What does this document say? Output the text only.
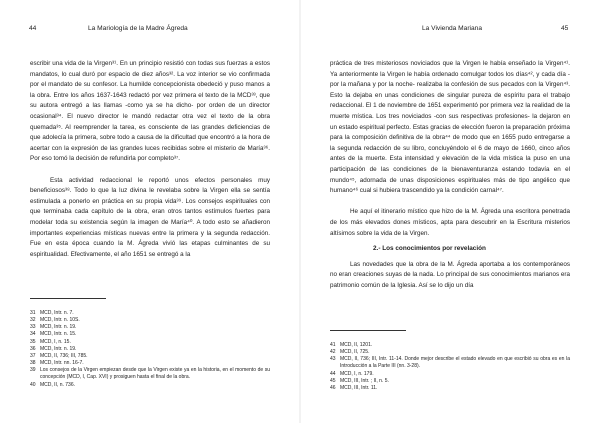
44	La Mariología de la Madre Ágreda

escribir una vida de la Virgen³¹. En un principio resistió con todas sus fuerzas a estos mandatos, lo cual duró por espacio de diez años³². La voz interior se vio confirmada por el mandato de su confesor. La humilde concepcionista obedeció y puso manos a la obra. Entre los años 1637-1643 redactó por vez primera el texto de la MCD³³, que su autora entregó a las llamas -como ya se ha dicho- por orden de un director ocasional³⁴. El nuevo director le mandó redactar otra vez el texto de la obra quemada³⁵. Al reemprender la tarea, es consciente de las grandes deficiencias de que adolecía la primera, sobre todo a causa de la dificultad que encontró a la hora de acertar con la expresión de las grandes luces recibidas sobre el misterio de María³⁶. Por eso tomó la decisión de refundirla por completo³⁷.

Esta actividad redaccional le reportó unos efectos personales muy beneficiosos³⁸. Todo lo que la luz divina le revelaba sobre la Virgen ella se sentía estimulada a ponerlo en práctica en su propia vida³⁹. Los consejos espirituales con que terminaba cada capítulo de la obra, eran otros tantos estímulos fuertes para modelar toda su existencia según la imagen de María⁴⁰. A todo esto se añadieron importantes experiencias místicas nuevas entre la primera y la segunda redacción. Fue en esta época cuando la M. Ágreda vivió las etapas culminantes de su espiritualidad. Efectivamente, el año 1651 se entregó a la

31 MCD, Intr. n. 7.
32 MCD, Intr. n. 10S.
33 MCD, Intr. n. 19.
34 MCD, Intr. n. 15.
35 MCD, I, n. 15.
36 MCD, Intr. n. 19.
37 MCD, II, 736; III, 785.
38 MCD, Intr. nn. 16-7.
39 Los consejos de la Virgen empiezan desde que la Virgen existe ya en la historia, en el momento de su concepción (MCD, I, Cap. XVI) y prosiguen hasta el final de la obra.
40 MCD, II, n. 736.
La Vivienda Mariana	45

práctica de tres misteriosos noviciados que la Virgen le había enseñado la Virgen⁴¹. Ya anteriormente la Virgen le había ordenado comulgar todos los días⁴², y cada día -por la mañana y por la noche- realizaba la confesión de sus pecados con la Virgen⁴³. Esto la dejaba en unas condiciones de singular pureza de espíritu para el trabajo redaccional. El 1 de noviembre de 1651 experimentó por primera vez la realidad de la muerte mística. Los tres noviciados -con sus respectivas profesiones- la dejaron en un estado espiritual perfecto. Estas gracias de elección fueron la preparación próxima para la composición definitiva de la obra⁴⁴ de modo que en 1655 pudo entregarse a la segunda redacción de su libro, concluyéndolo el 6 de mayo de 1660, cinco años antes de la muerte. Esta intensidad y elevación de la vida mística la puso en una participación de las condiciones de la bienaventuranza estando todavía en el mundo⁴⁵, adornada de unas disposiciones espirituales más de tipo angélico que humano⁴⁶ cual si hubiera trascendido ya la condición carnal⁴⁷.

He aquí el itinerario místico que hizo de la M. Ágreda una escritora penetrada de los más elevados dones místicos, apta para descubrir en la Escritura misterios altísimos sobre la vida de la Virgen.

2.- Los conocimientos por revelación

Las novedades que la obra de la M. Ágreda aportaba a los contemporáneos no eran creaciones suyas de la nada. Lo principal de sus conocimientos marianos era patrimonio común de la Iglesia. Así se lo dijo un día

41 MCD, II, 1201.
42 MCD, II, 725.
43 MCD, II, 736; III, Intr. 11-14. Donde mejor describe el estado elevado en que escribió su obra es en la Introducción a la Parte III (nn. 3-28).
44 MCD, I, n. 179.
45 MCD, III, Intr. ; II, n. 5.
46 MCD, III, Intr. 11.
